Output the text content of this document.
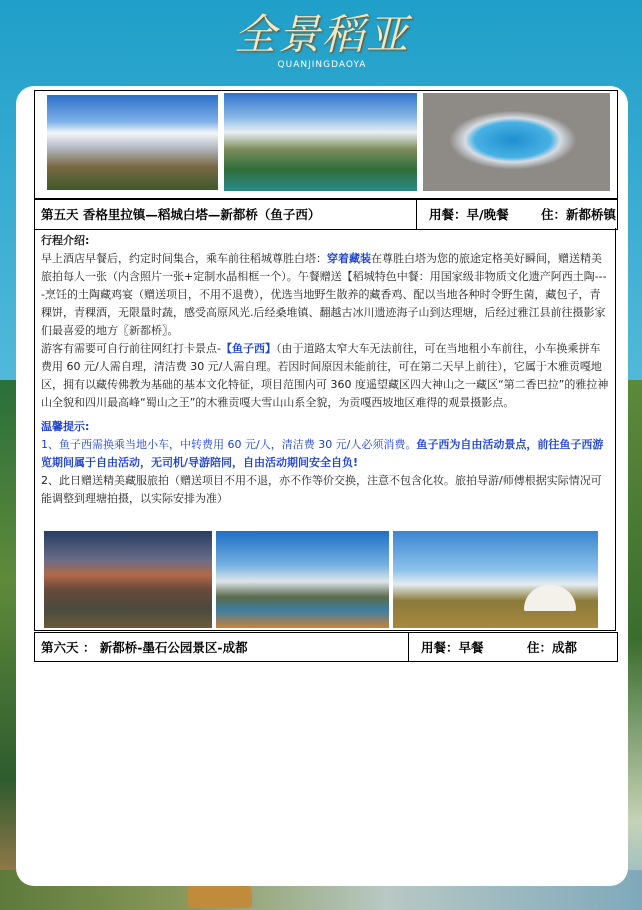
全景稻亚
QUANJINGDAOYA
第五天 香格里拉镇—稻城白塔—新都桥（鱼子西）	用餐：早/晚餐	住：新都桥镇
行程介绍:
早上酒店早餐后，约定时间集合，乘车前往稻城尊胜白塔：穿着藏装在尊胜白塔为您的旅途定格美好瞬间，赠送精美旅拍每人一张（内含照片一张+定制水晶相框一个）。午餐赠送【稻城特色中餐：用国家级非物质文化遗产阿西土陶----烹饪的土陶藏鸡宴（赠送项目，不用不退费），优选当地野生散养的藏香鸡、配以当地各种时令野生菌，藏包子，青稞饼，青稞酒，无限量时蔬，感受高原风光.后经桑堆镇、翻越古冰川遗迹海子山到达理塘，后经过雅江县前往摄影家们最喜爱的地方〖新都桥〗。
游客有需要可自行前往网红打卡景点-【鱼子西】（由于道路太窄大车无法前往，可在当地租小车前往，小车换乘拼车费用 60 元/人需自理，清洁费 30 元/人需自理。若因时间原因未能前往，可在第二天早上前往），它属于木雅贡嘎地区，拥有以藏传佛教为基础的基本文化特征，项目范围内可 360 度遥望藏区四大神山之一藏区“第二香巴拉”的雅拉神山全貌和四川最高峰“蜀山之王”的木雅贡嘎大雪山山系全貌，为贡嘎西坡地区难得的观景摄影点。
温馨提示:
1、鱼子西需换乘当地小车，中转费用 60 元/人，清洁费 30 元/人必须消费。鱼子西为自由活动景点，前往鱼子西游览期间属于自由活动，无司机/导游陪同，自由活动期间安全自负!
2、此日赠送精美藏服旅拍（赠送项目不用不退，亦不作等价交换，注意不包含化妆。旅拍导游/师傅根据实际情况可能调整到理塘拍摄，以实际安排为准）
第六天 ： 新都桥-墨石公园景区-成都	用餐：早餐	住：成都
